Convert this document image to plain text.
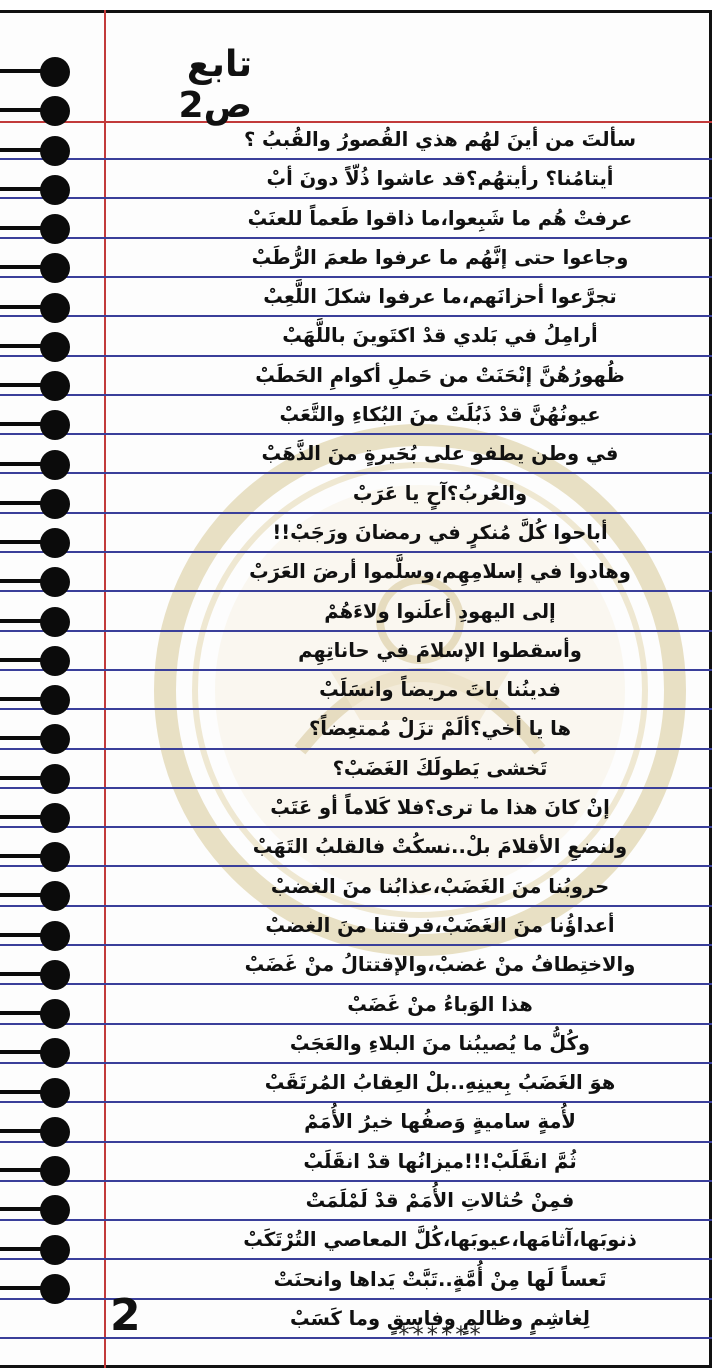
تابع ص2
سألتَ من أينَ لهُم هذي القُصورُ والقُببُ ؟
أيتامُنا؟ رأيتهُم؟قد عاشوا ذُلّاً دونَ أبْ
عرفتْ هُم ما شَبِعوا،ما ذاقوا طَعماً للعنَبْ
وجاعوا حتى إنَّهُم ما عرفوا طعمَ الرُّطَبْ
تجرَّعوا أحزانَهم،ما عرفوا شكلَ اللَّعِبْ
أرامِلُ في بَلدي قدْ اكتَوينَ باللَّهَبْ
ظُهورُهُنَّ إنْحَنَتْ من حَملِ أكوامِ الحَطَبْ
عيونُهُنَّ قدْ ذَبُلَتْ منَ البُكاءِ والتَّعَبْ
في وطن يطفو على بُحَيرةٍ منَ الذَّهَبْ
والعُربُ؟آحٍ يا عَرَبْ
أباحوا كُلَّ مُنكرٍ في رمضانَ ورَجَبْ!!
وهادوا في إسلامِهِم،وسلَّموا أرضَ العَرَبْ
إلى اليهودِ أعلَنوا ولاءَهُمْ
وأسقطوا الإسلامَ في حاناتِهِم
فدينُنا باتَ مريضاً وانسَلَبْ
ها يا أخي؟ألَمْ تزَلْ مُمتعِضاً؟
تَخشى يَطولَكَ الغَضَبْ؟
إنْ كانَ هذا ما ترى؟فلا كَلاماً أو عَتَبْ
ولنضعِ الأقلامَ بلْ..نسكُتْ فالقلبُ التَهَبْ
حروبُنا منَ الغَضَبْ،عذابُنا منَ الغضبْ
أعداؤُنا منَ الغَضَبْ،فرقتنا منَ الغضبْ
والاختِطافُ منْ غضبْ،والإقتتالُ منْ غَضَبْ
هذا الوَباءُ منْ غَضَبْ
وكُلُّ ما يُصيبُنا منَ البلاءِ والعَجَبْ
هوَ الغَضَبُ بِعينِهِ..بلْ العِقابُ المُرتَقَبْ
لأُمةٍ ساميةٍ وَصفُها خيرُ الأُمَمْ
ثُمَّ انقَلَبْ!!!ميزانُها قدْ انقَلَبْ
فمِنْ حُثالاتِ الأُمَمْ قدْ لَمْلَمَتْ
ذنوبَها،آثامَها،عيوبَها،كُلَّ المعاصي التُرْتَكَبْ
تَعساً لَها مِنْ أُمَّةٍ..تَبَّتْ يَداها وانحنَتْ
لِغاشِمٍ وظالمٍ وفاسِقٍ وما كَسَبْ
******
2
